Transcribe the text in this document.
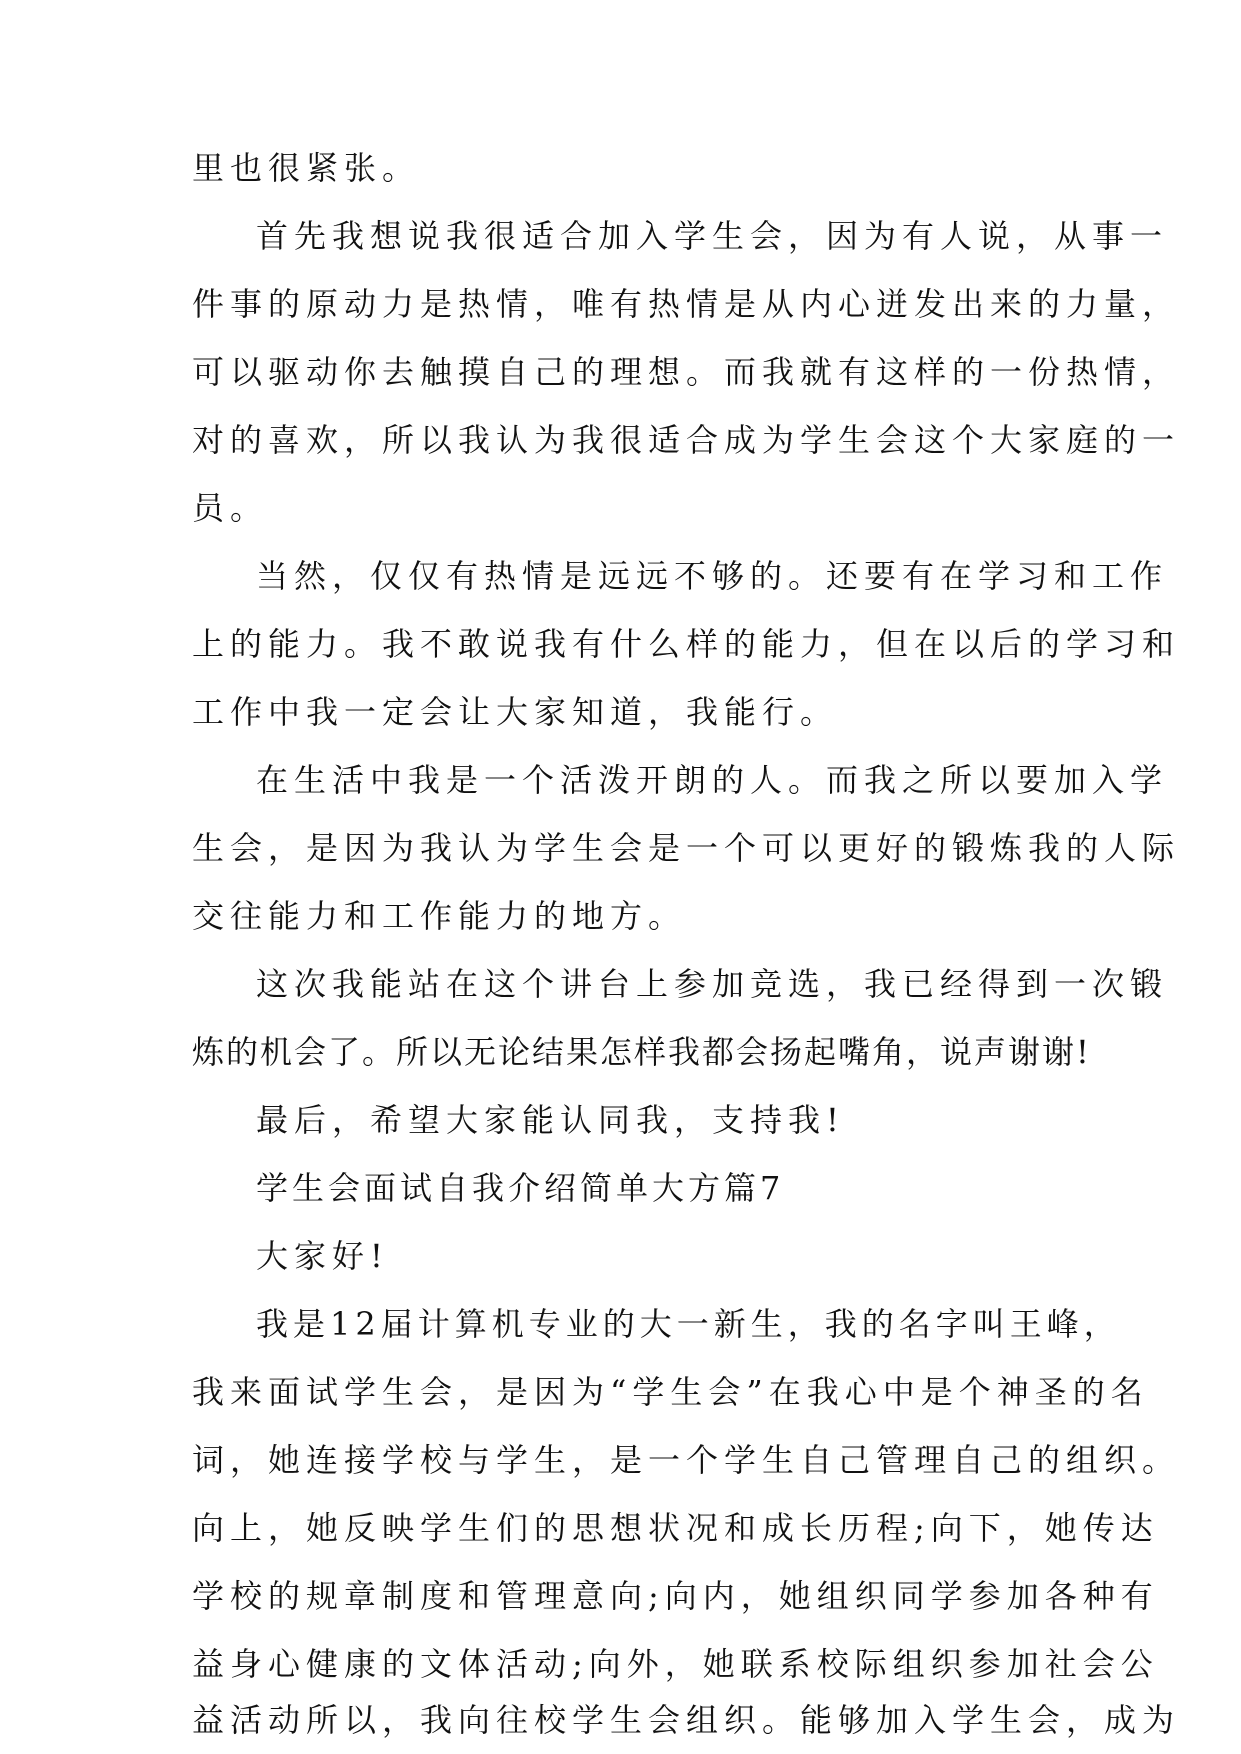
里也很紧张。
首先我想说我很适合加入学生会，因为有人说，从事一
件事的原动力是热情，唯有热情是从内心迸发出来的力量，
可以驱动你去触摸自己的理想。而我就有这样的一份热情，
对的喜欢，所以我认为我很适合成为学生会这个大家庭的一
员。
当然，仅仅有热情是远远不够的。还要有在学习和工作
上的能力。我不敢说我有什么样的能力，但在以后的学习和
工作中我一定会让大家知道，我能行。
在生活中我是一个活泼开朗的人。而我之所以要加入学
生会，是因为我认为学生会是一个可以更好的锻炼我的人际
交往能力和工作能力的地方。
这次我能站在这个讲台上参加竞选，我已经得到一次锻
炼的机会了。所以无论结果怎样我都会扬起嘴角，说声谢谢!
最后，希望大家能认同我，支持我!
学生会面试自我介绍简单大方篇7
大家好!
我是12届计算机专业的大一新生，我的名字叫王峰，
我来面试学生会，是因为“学生会”在我心中是个神圣的名
词，她连接学校与学生，是一个学生自己管理自己的组织。
向上，她反映学生们的思想状况和成长历程;向下，她传达
学校的规章制度和管理意向;向内，她组织同学参加各种有
益身心健康的文体活动;向外，她联系校际组织参加社会公
益活动所以，我向往校学生会组织。能够加入学生会，成为
